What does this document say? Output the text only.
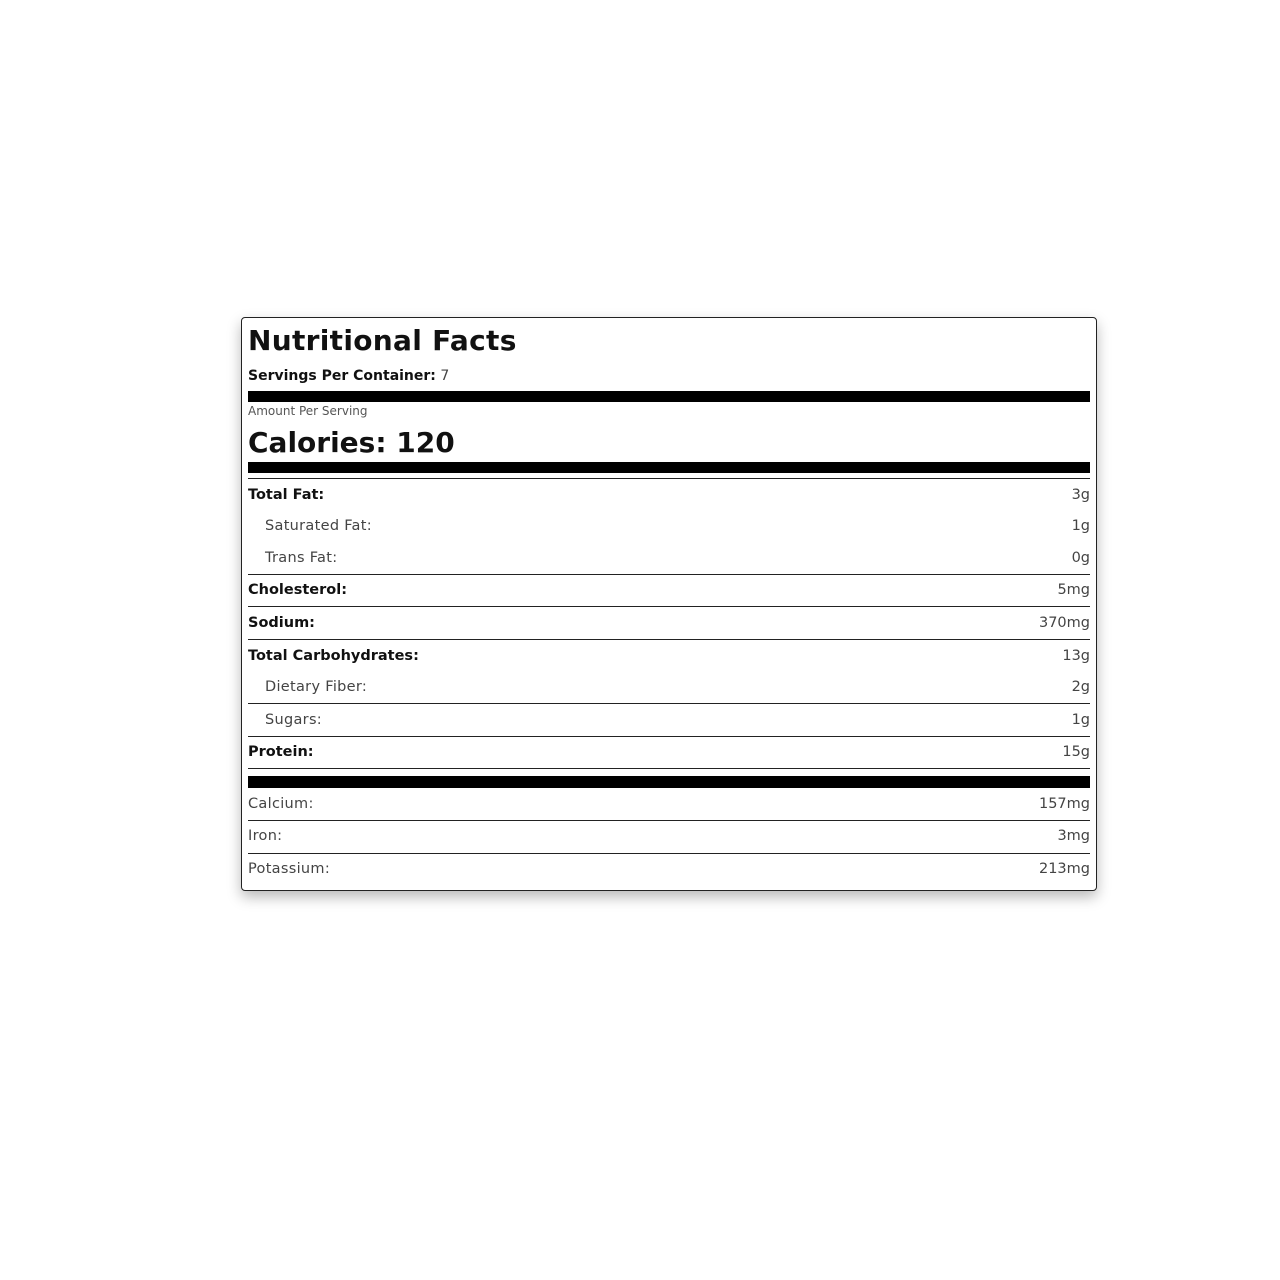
Nutritional Facts
Servings Per Container: 7
Amount Per Serving
Calories: 120
Total Fat:	3g
Saturated Fat:	1g
Trans Fat:	0g
Cholesterol:	5mg
Sodium:	370mg
Total Carbohydrates:	13g
Dietary Fiber:	2g
Sugars:	1g
Protein:	15g
Calcium:	157mg
Iron:	3mg
Potassium:	213mg
